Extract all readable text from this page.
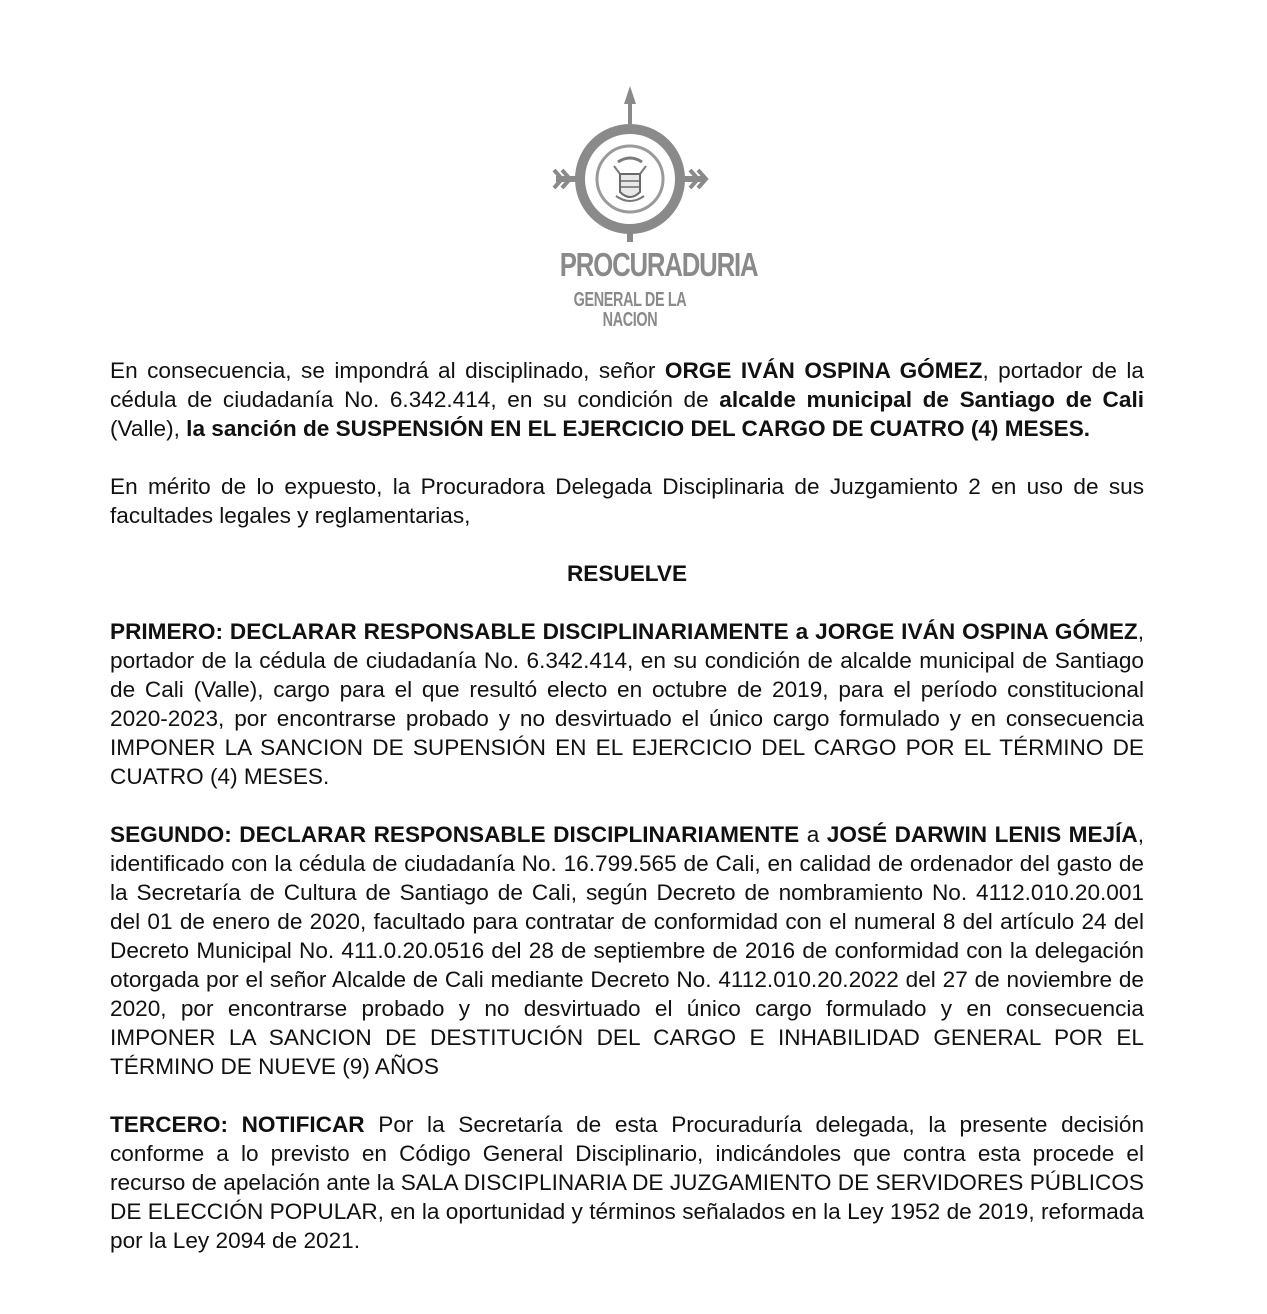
PROCURADURIA
GENERAL DE LA NACION

En consecuencia, se impondrá al disciplinado, señor ORGE IVÁN OSPINA GÓMEZ, portador de la cédula de ciudadanía No. 6.342.414, en su condición de alcalde municipal de Santiago de Cali (Valle), la sanción de SUSPENSIÓN EN EL EJERCICIO DEL CARGO DE CUATRO (4) MESES.

En mérito de lo expuesto, la Procuradora Delegada Disciplinaria de Juzgamiento 2 en uso de sus facultades legales y reglamentarias,

RESUELVE

PRIMERO: DECLARAR RESPONSABLE DISCIPLINARIAMENTE a JORGE IVÁN OSPINA GÓMEZ, portador de la cédula de ciudadanía No. 6.342.414, en su condición de alcalde municipal de Santiago de Cali (Valle), cargo para el que resultó electo en octubre de 2019, para el período constitucional 2020-2023, por encontrarse probado y no desvirtuado el único cargo formulado y en consecuencia IMPONER LA SANCION DE SUPENSIÓN EN EL EJERCICIO DEL CARGO POR EL TÉRMINO DE CUATRO (4) MESES.

SEGUNDO: DECLARAR RESPONSABLE DISCIPLINARIAMENTE a JOSÉ DARWIN LENIS MEJÍA, identificado con la cédula de ciudadanía No. 16.799.565 de Cali, en calidad de ordenador del gasto de la Secretaría de Cultura de Santiago de Cali, según Decreto de nombramiento No. 4112.010.20.001 del 01 de enero de 2020, facultado para contratar de conformidad con el numeral 8 del artículo 24 del Decreto Municipal No. 411.0.20.0516 del 28 de septiembre de 2016 de conformidad con la delegación otorgada por el señor Alcalde de Cali mediante Decreto No. 4112.010.20.2022 del 27 de noviembre de 2020, por encontrarse probado y no desvirtuado el único cargo formulado y en consecuencia IMPONER LA SANCION DE DESTITUCIÓN DEL CARGO E INHABILIDAD GENERAL POR EL TÉRMINO DE NUEVE (9) AÑOS

TERCERO: NOTIFICAR Por la Secretaría de esta Procuraduría delegada, la presente decisión conforme a lo previsto en Código General Disciplinario, indicándoles que contra esta procede el recurso de apelación ante la SALA DISCIPLINARIA DE JUZGAMIENTO DE SERVIDORES PÚBLICOS DE ELECCIÓN POPULAR, en la oportunidad y términos señalados en la Ley 1952 de 2019, reformada por la Ley 2094 de 2021.
